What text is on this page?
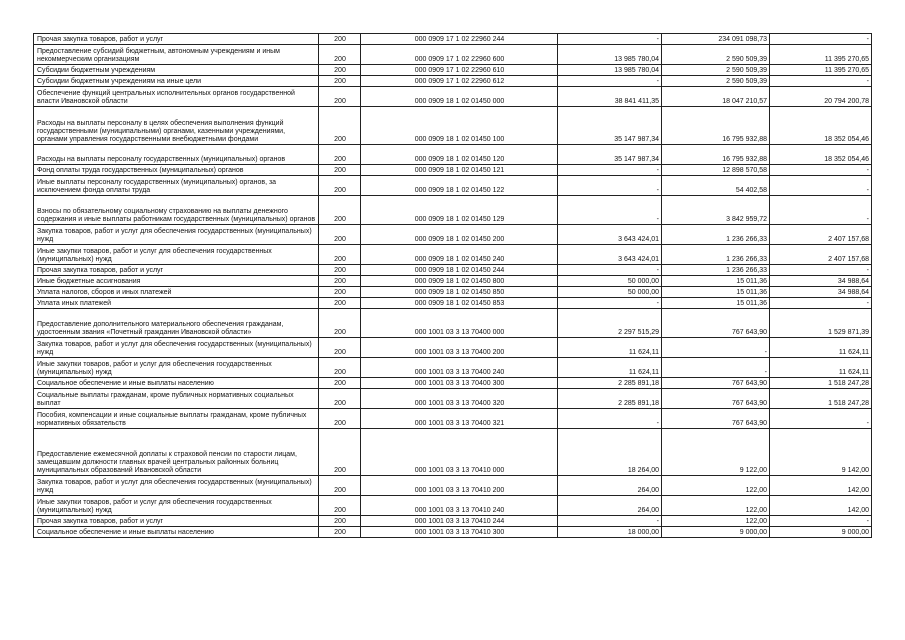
Прочая закупка товаров, работ и услуг	200	000 0909 17 1 02 22960 244	-	234 091 098,73	-
Предоставление субсидий бюджетным, автономным учреждениям и иным некоммерческим организациям	200	000 0909 17 1 02 22960 600	13 985 780,04	2 590 509,39	11 395 270,65
Субсидии бюджетным учреждениям	200	000 0909 17 1 02 22960 610	13 985 780,04	2 590 509,39	11 395 270,65
Субсидии бюджетным учреждениям на иные цели	200	000 0909 17 1 02 22960 612	-	2 590 509,39	-
Обеспечение функций центральных исполнительных органов государственной власти Ивановской области	200	000 0909 18 1 02 01450 000	38 841 411,35	18 047 210,57	20 794 200,78
Расходы на выплаты персоналу в целях обеспечения выполнения функций государственными (муниципальными) органами, казенными учреждениями, органами управления государственными внебюджетными фондами	200	000 0909 18 1 02 01450 100	35 147 987,34	16 795 932,88	18 352 054,46
Расходы на выплаты персоналу государственных (муниципальных) органов	200	000 0909 18 1 02 01450 120	35 147 987,34	16 795 932,88	18 352 054,46
Фонд оплаты труда государственных (муниципальных) органов	200	000 0909 18 1 02 01450 121	-	12 898 570,58	-
Иные выплаты персоналу государственных (муниципальных) органов, за исключением фонда оплаты труда	200	000 0909 18 1 02 01450 122	-	54 402,58	-
Взносы по обязательному социальному страхованию на выплаты денежного содержания и иные выплаты работникам государственных (муниципальных) органов	200	000 0909 18 1 02 01450 129	-	3 842 959,72	-
Закупка товаров, работ и услуг для обеспечения государственных (муниципальных) нужд	200	000 0909 18 1 02 01450 200	3 643 424,01	1 236 266,33	2 407 157,68
Иные закупки товаров, работ и услуг для обеспечения государственных (муниципальных) нужд	200	000 0909 18 1 02 01450 240	3 643 424,01	1 236 266,33	2 407 157,68
Прочая закупка товаров, работ и услуг	200	000 0909 18 1 02 01450 244	-	1 236 266,33	-
Иные бюджетные ассигнования	200	000 0909 18 1 02 01450 800	50 000,00	15 011,36	34 988,64
Уплата налогов, сборов и иных платежей	200	000 0909 18 1 02 01450 850	50 000,00	15 011,36	34 988,64
Уплата иных платежей	200	000 0909 18 1 02 01450 853	-	15 011,36	-
Предоставление дополнительного материального обеспечения гражданам, удостоенным звания «Почетный гражданин Ивановской области»	200	000 1001 03 3 13 70400 000	2 297 515,29	767 643,90	1 529 871,39
Закупка товаров, работ и услуг для обеспечения государственных (муниципальных) нужд	200	000 1001 03 3 13 70400 200	11 624,11	-	11 624,11
Иные закупки товаров, работ и услуг для обеспечения государственных (муниципальных) нужд	200	000 1001 03 3 13 70400 240	11 624,11	-	11 624,11
Социальное обеспечение и иные выплаты населению	200	000 1001 03 3 13 70400 300	2 285 891,18	767 643,90	1 518 247,28
Социальные выплаты гражданам, кроме публичных нормативных социальных выплат	200	000 1001 03 3 13 70400 320	2 285 891,18	767 643,90	1 518 247,28
Пособия, компенсации и иные социальные выплаты гражданам, кроме публичных нормативных обязательств	200	000 1001 03 3 13 70400 321	-	767 643,90	-
Предоставление ежемесячной доплаты к страховой пенсии по старости лицам, замещавшим должности главных врачей центральных районных больниц муниципальных образований Ивановской области	200	000 1001 03 3 13 70410 000	18 264,00	9 122,00	9 142,00
Закупка товаров, работ и услуг для обеспечения государственных (муниципальных) нужд	200	000 1001 03 3 13 70410 200	264,00	122,00	142,00
Иные закупки товаров, работ и услуг для обеспечения государственных (муниципальных) нужд	200	000 1001 03 3 13 70410 240	264,00	122,00	142,00
Прочая закупка товаров, работ и услуг	200	000 1001 03 3 13 70410 244	-	122,00	-
Социальное обеспечение и иные выплаты населению	200	000 1001 03 3 13 70410 300	18 000,00	9 000,00	9 000,00
